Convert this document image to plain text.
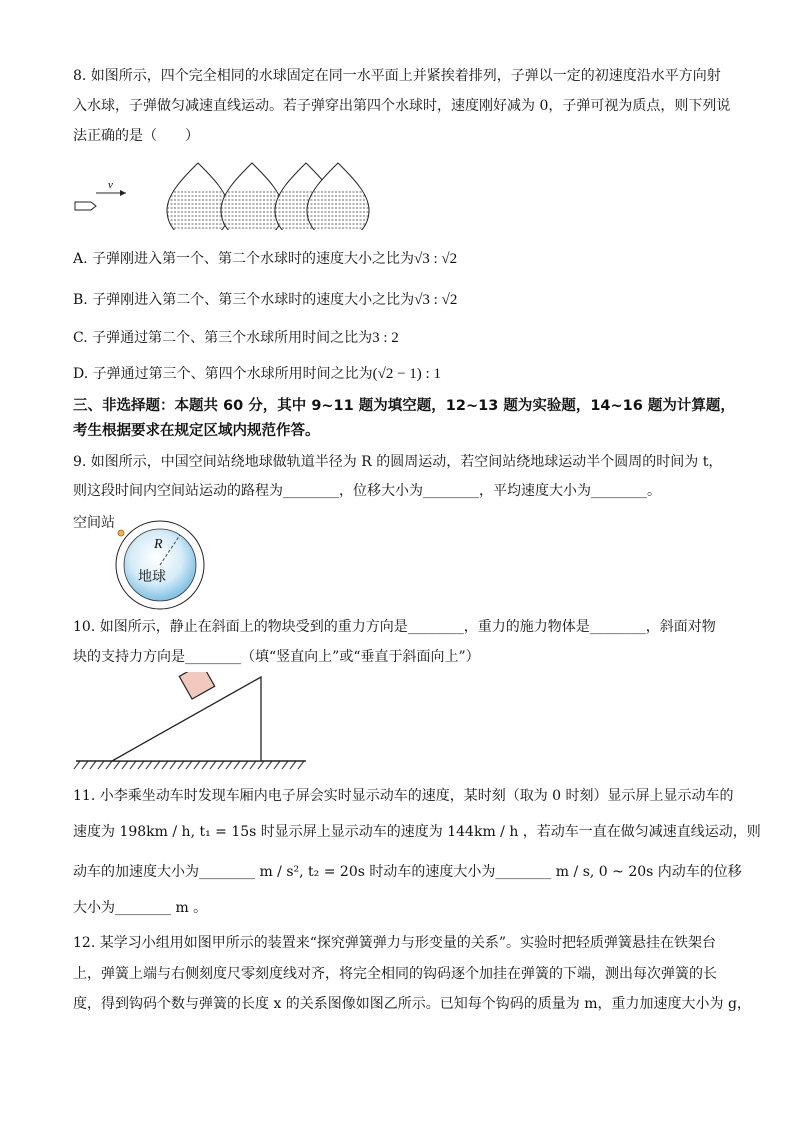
8. 如图所示，四个完全相同的水球固定在同一水平面上并紧挨着排列，子弹以一定的初速度沿水平方向射
入水球，子弹做匀减速直线运动。若子弹穿出第四个水球时，速度刚好减为 0，子弹可视为质点，则下列说
法正确的是（　　）
v
A. 子弹刚进入第一个、第二个水球时的速度大小之比为√3 : √2
B. 子弹刚进入第二个、第三个水球时的速度大小之比为√3 : √2
C. 子弹通过第二个、第三个水球所用时间之比为3 : 2
D. 子弹通过第三个、第四个水球所用时间之比为(√2 − 1) : 1
三、非选择题：本题共 60 分，其中 9~11 题为填空题，12~13 题为实验题，14~16 题为计算题，
考生根据要求在规定区域内规范作答。
9. 如图所示，中国空间站绕地球做轨道半径为 R 的圆周运动，若空间站绕地球运动半个圆周的时间为 t，
则这段时间内空间站运动的路程为________，位移大小为________，平均速度大小为________。
空间站
R
地球
10. 如图所示，静止在斜面上的物块受到的重力方向是________，重力的施力物体是________，斜面对物
块的支持力方向是________（填“竖直向上”或“垂直于斜面向上”）
11. 小李乘坐动车时发现车厢内电子屏会实时显示动车的速度，某时刻（取为 0 时刻）显示屏上显示动车的
速度为 198km / h, t₁ = 15s 时显示屏上显示动车的速度为 144km / h ，若动车一直在做匀减速直线运动，则
动车的加速度大小为________ m / s², t₂ = 20s 时动车的速度大小为________ m / s, 0 ~ 20s 内动车的位移
大小为________ m 。
12. 某学习小组用如图甲所示的装置来“探究弹簧弹力与形变量的关系”。实验时把轻质弹簧悬挂在铁架台
上，弹簧上端与右侧刻度尺零刻度线对齐，将完全相同的钩码逐个加挂在弹簧的下端，测出每次弹簧的长
度，得到钩码个数与弹簧的长度 x 的关系图像如图乙所示。已知每个钩码的质量为 m，重力加速度大小为 g，
